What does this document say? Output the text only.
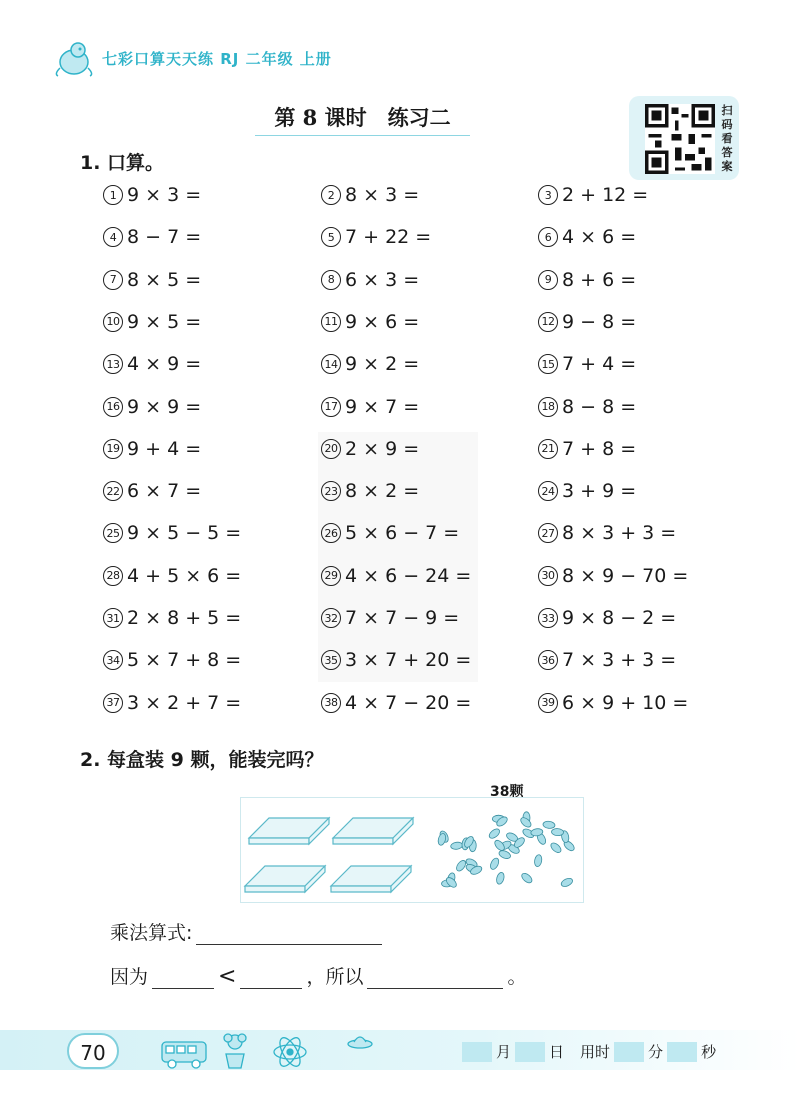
七彩口算天天练 RJ 二年级 上册
第 8 课时　练习二	扫
码
看
答
案
1. 口算。
1 9 × 3 =	2 8 × 3 =	3 2 + 12 =
4 8 − 7 =	5 7 + 22 =	6 4 × 6 =
7 8 × 5 =	8 6 × 3 =	9 8 + 6 =
10 9 × 5 =	11 9 × 6 =	12 9 − 8 =
13 4 × 9 =	14 9 × 2 =	15 7 + 4 =
16 9 × 9 =	17 9 × 7 =	18 8 − 8 =
19 9 + 4 =	20 2 × 9 =	21 7 + 8 =
22 6 × 7 =	23 8 × 2 =	24 3 + 9 =
25 9 × 5 − 5 =	26 5 × 6 − 7 =	27 8 × 3 + 3 =
28 4 + 5 × 6 =	29 4 × 6 − 24 =	30 8 × 9 − 70 =
31 2 × 8 + 5 =	32 7 × 7 − 9 =	33 9 × 8 − 2 =
34 5 × 7 + 8 =	35 3 × 7 + 20 =	36 7 × 3 + 3 =
37 3 × 2 + 7 =	38 4 × 7 − 20 =	39 6 × 9 + 10 =
2. 每盒装 9 颗，能装完吗？
38颗
乘法算式:
因为	<	，所以	。
70	月	日 用时	分	秒
